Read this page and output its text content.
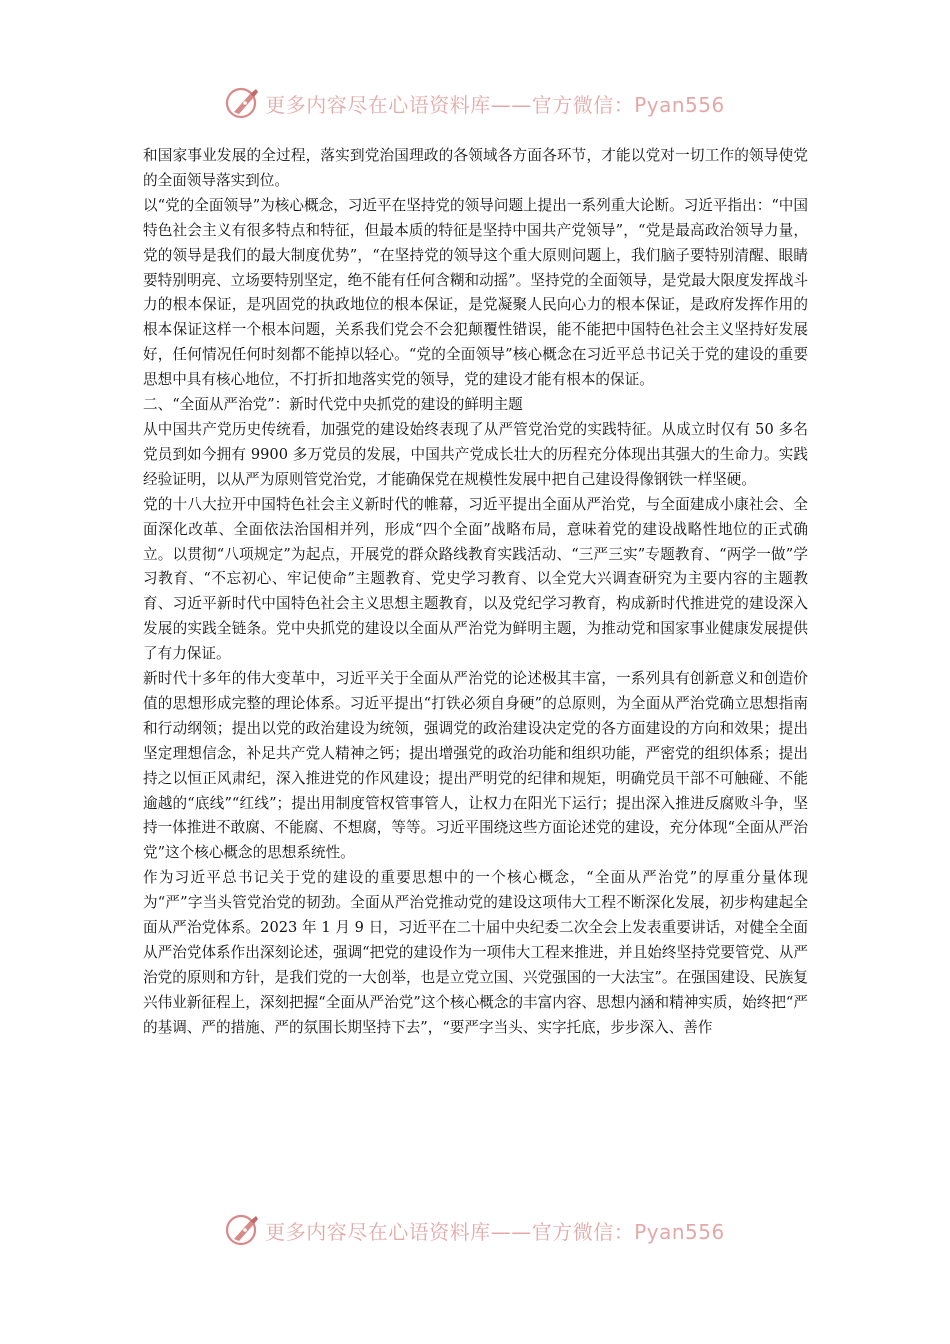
更多内容尽在心语资料库——官方微信：Pyan556

和国家事业发展的全过程，落实到党治国理政的各领域各方面各环节，才能以党对一切工作的领导使党的全面领导落实到位。

以“党的全面领导”为核心概念，习近平在坚持党的领导问题上提出一系列重大论断。习近平指出：“中国特色社会主义有很多特点和特征，但最本质的特征是坚持中国共产党领导”，“党是最高政治领导力量，党的领导是我们的最大制度优势”，“在坚持党的领导这个重大原则问题上，我们脑子要特别清醒、眼睛要特别明亮、立场要特别坚定，绝不能有任何含糊和动摇”。坚持党的全面领导，是党最大限度发挥战斗力的根本保证，是巩固党的执政地位的根本保证，是党凝聚人民向心力的根本保证，是政府发挥作用的根本保证这样一个根本问题，关系我们党会不会犯颠覆性错误，能不能把中国特色社会主义坚持好发展好，任何情况任何时刻都不能掉以轻心。“党的全面领导”核心概念在习近平总书记关于党的建设的重要思想中具有核心地位，不打折扣地落实党的领导，党的建设才能有根本的保证。

二、“全面从严治党”：新时代党中央抓党的建设的鲜明主题

从中国共产党历史传统看，加强党的建设始终表现了从严管党治党的实践特征。从成立时仅有 50 多名党员到如今拥有 9900 多万党员的发展，中国共产党成长壮大的历程充分体现出其强大的生命力。实践经验证明，以从严为原则管党治党，才能确保党在规模性发展中把自己建设得像钢铁一样坚硬。

党的十八大拉开中国特色社会主义新时代的帷幕，习近平提出全面从严治党，与全面建成小康社会、全面深化改革、全面依法治国相并列，形成“四个全面”战略布局，意味着党的建设战略性地位的正式确立。以贯彻“八项规定”为起点，开展党的群众路线教育实践活动、“三严三实”专题教育、“两学一做”学习教育、“不忘初心、牢记使命”主题教育、党史学习教育、以全党大兴调查研究为主要内容的主题教育、习近平新时代中国特色社会主义思想主题教育，以及党纪学习教育，构成新时代推进党的建设深入发展的实践全链条。党中央抓党的建设以全面从严治党为鲜明主题，为推动党和国家事业健康发展提供了有力保证。

新时代十多年的伟大变革中，习近平关于全面从严治党的论述极其丰富，一系列具有创新意义和创造价值的思想形成完整的理论体系。习近平提出“打铁必须自身硬”的总原则，为全面从严治党确立思想指南和行动纲领；提出以党的政治建设为统领，强调党的政治建设决定党的各方面建设的方向和效果；提出坚定理想信念，补足共产党人精神之钙；提出增强党的政治功能和组织功能，严密党的组织体系；提出持之以恒正风肃纪，深入推进党的作风建设；提出严明党的纪律和规矩，明确党员干部不可触碰、不能逾越的“底线”“红线”；提出用制度管权管事管人，让权力在阳光下运行；提出深入推进反腐败斗争，坚持一体推进不敢腐、不能腐、不想腐，等等。习近平围绕这些方面论述党的建设，充分体现“全面从严治党”这个核心概念的思想系统性。

作为习近平总书记关于党的建设的重要思想中的一个核心概念，“全面从严治党”的厚重分量体现为“严”字当头管党治党的韧劲。全面从严治党推动党的建设这项伟大工程不断深化发展，初步构建起全面从严治党体系。2023 年 1 月 9 日，习近平在二十届中央纪委二次全会上发表重要讲话，对健全全面从严治党体系作出深刻论述，强调“把党的建设作为一项伟大工程来推进，并且始终坚持党要管党、从严治党的原则和方针，是我们党的一大创举，也是立党立国、兴党强国的一大法宝”。在强国建设、民族复兴伟业新征程上，深刻把握“全面从严治党”这个核心概念的丰富内容、思想内涵和精神实质，始终把“严的基调、严的措施、严的氛围长期坚持下去”，“要严字当头、实字托底，步步深入、善作

更多内容尽在心语资料库——官方微信：Pyan556
